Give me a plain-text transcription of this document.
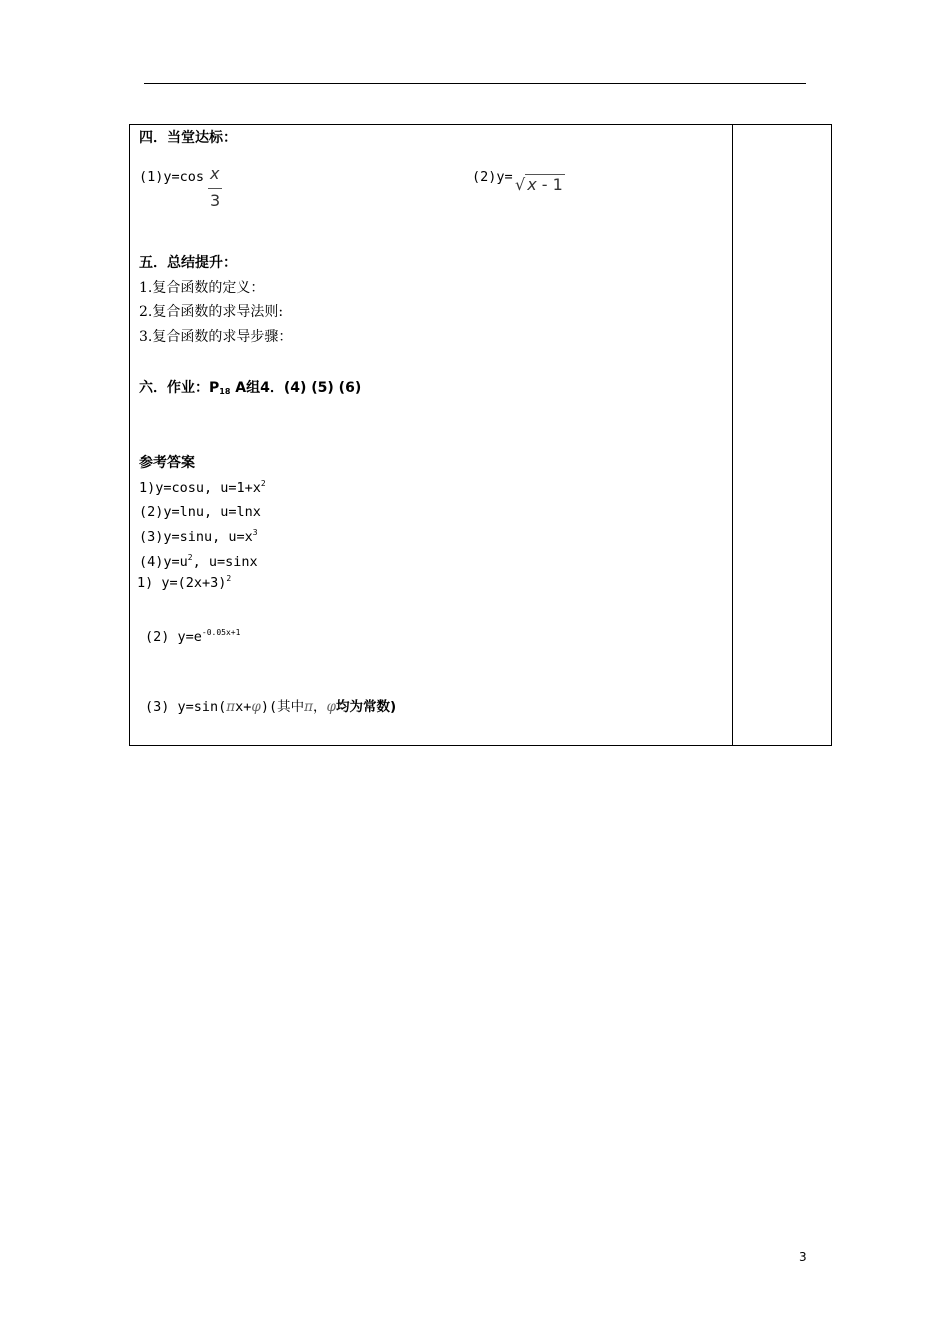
四．当堂达标：
(1)y=cos x
3
(2)y= √ x - 1
五．总结提升：
1.复合函数的定义：
2.复合函数的求导法则:
3.复合函数的求导步骤：
六．作业：$P_{18}$ A组4．(4) (5) (6)
参考答案
1)y=cosu, $u=1+x^2$
(2)y=lnu, u=lnx
(3)y=sinu, $u=x^3$
$(4)y=u^2$, u=sinx
1) $y=(2x+3)^2$
(2) $y=e^{-0.05x+1}$
(3) y=sin(πx+φ)(其中π，φ均为常数)
3
